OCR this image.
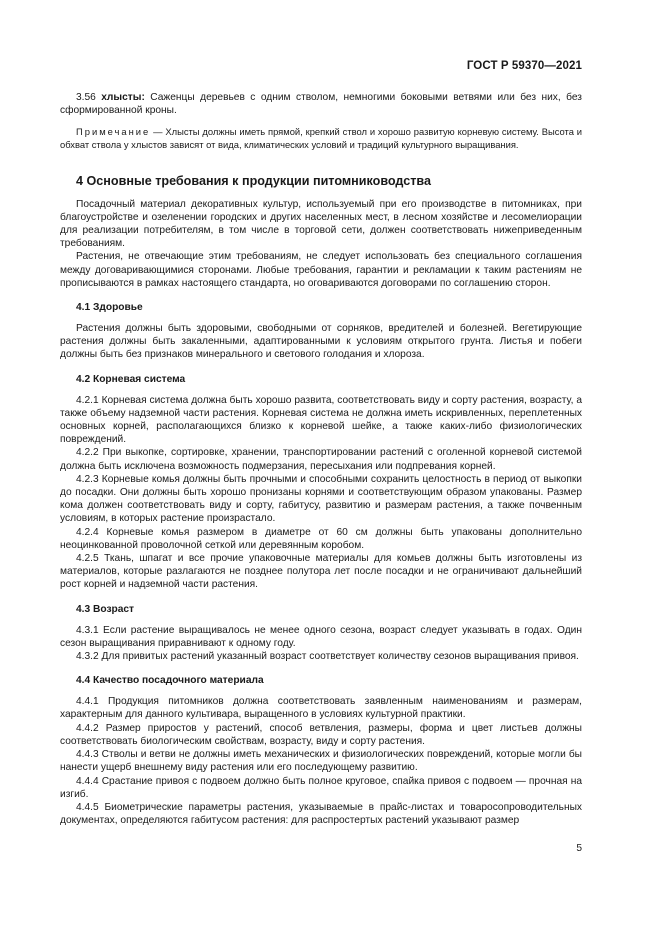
ГОСТ Р 59370—2021

3.56 хлысты: Саженцы деревьев с одним стволом, немногими боковыми ветвями или без них, без сформированной кроны.

Примечание — Хлысты должны иметь прямой, крепкий ствол и хорошо развитую корневую систему. Высота и обхват ствола у хлыстов зависят от вида, климатических условий и традиций культурного выращивания.

4 Основные требования к продукции питомниководства

Посадочный материал декоративных культур, используемый при его производстве в питомниках, при благоустройстве и озеленении городских и других населенных мест, в лесном хозяйстве и лесомелиорации для реализации потребителям, в том числе в торговой сети, должен соответствовать нижеприведенным требованиям.

Растения, не отвечающие этим требованиям, не следует использовать без специального соглашения между договаривающимися сторонами. Любые требования, гарантии и рекламации к таким растениям не прописываются в рамках настоящего стандарта, но оговариваются договорами по соглашению сторон.

4.1 Здоровье

Растения должны быть здоровыми, свободными от сорняков, вредителей и болезней. Вегетирующие растения должны быть закаленными, адаптированными к условиям открытого грунта. Листья и побеги должны быть без признаков минерального и светового голодания и хлороза.

4.2 Корневая система

4.2.1 Корневая система должна быть хорошо развита, соответствовать виду и сорту растения, возрасту, а также объему надземной части растения. Корневая система не должна иметь искривленных, переплетенных основных корней, располагающихся близко к корневой шейке, а также каких-либо физиологических повреждений.

4.2.2 При выкопке, сортировке, хранении, транспортировании растений с оголенной корневой системой должна быть исключена возможность подмерзания, пересыхания или подпревания корней.

4.2.3 Корневые комья должны быть прочными и способными сохранить целостность в период от выкопки до посадки. Они должны быть хорошо пронизаны корнями и соответствующим образом упакованы. Размер кома должен соответствовать виду и сорту, габитусу, развитию и размерам растения, а также почвенным условиям, в которых растение произрастало.

4.2.4 Корневые комья размером в диаметре от 60 см должны быть упакованы дополнительно неоцинкованной проволочной сеткой или деревянным коробом.

4.2.5 Ткань, шпагат и все прочие упаковочные материалы для комьев должны быть изготовлены из материалов, которые разлагаются не позднее полутора лет после посадки и не ограничивают дальнейший рост корней и надземной части растения.

4.3 Возраст

4.3.1 Если растение выращивалось не менее одного сезона, возраст следует указывать в годах. Один сезон выращивания приравнивают к одному году.

4.3.2 Для привитых растений указанный возраст соответствует количеству сезонов выращивания привоя.

4.4 Качество посадочного материала

4.4.1 Продукция питомников должна соответствовать заявленным наименованиям и размерам, характерным для данного культивара, выращенного в условиях культурной практики.

4.4.2 Размер приростов у растений, способ ветвления, размеры, форма и цвет листьев должны соответствовать биологическим свойствам, возрасту, виду и сорту растения.

4.4.3 Стволы и ветви не должны иметь механических и физиологических повреждений, которые могли бы нанести ущерб внешнему виду растения или его последующему развитию.

4.4.4 Срастание привоя с подвоем должно быть полное круговое, спайка привоя с подвоем — прочная на изгиб.

4.4.5 Биометрические параметры растения, указываемые в прайс-листах и товаросопроводительных документах, определяются габитусом растения: для распростертых растений указывают размер

5
